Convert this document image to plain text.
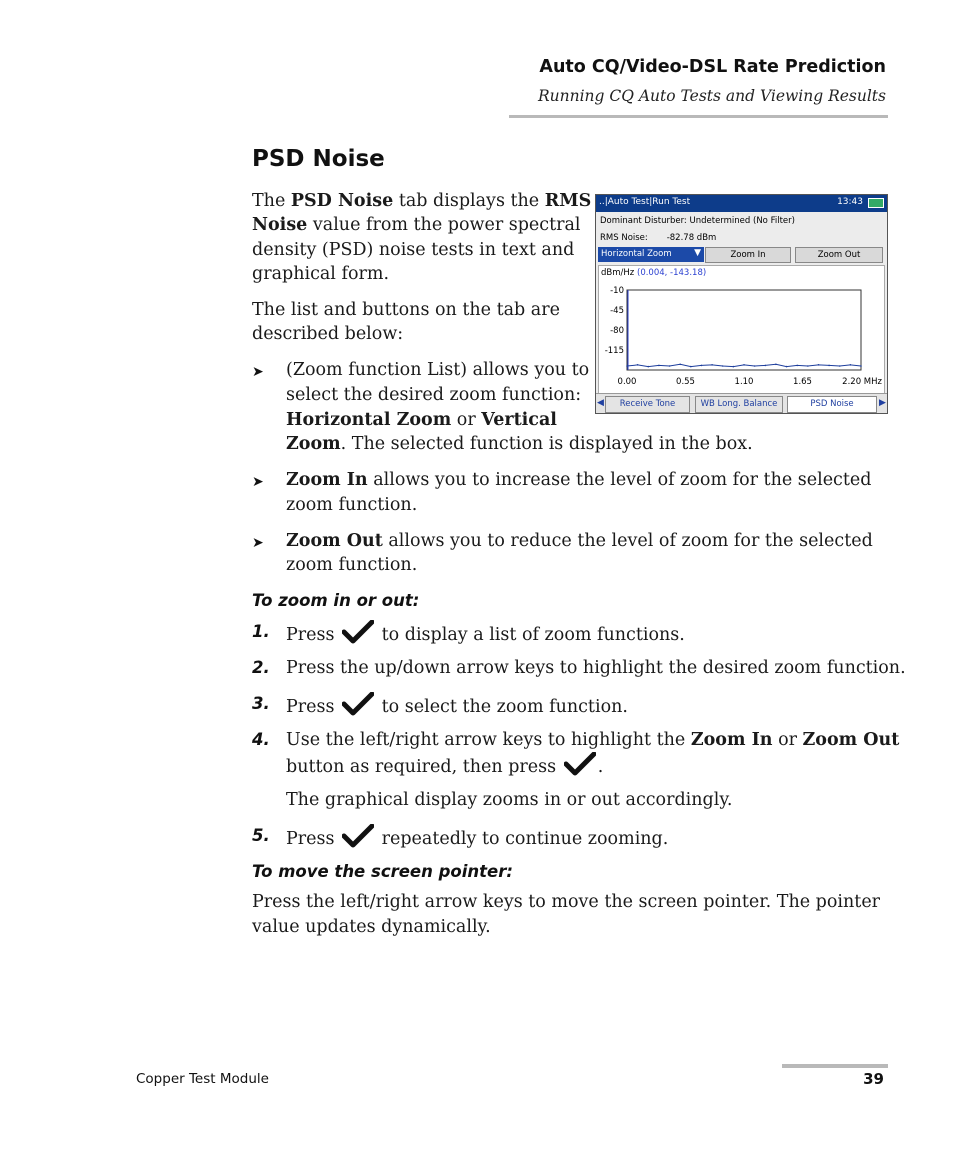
Auto CQ/Video-DSL Rate Prediction
Running CQ Auto Tests and Viewing Results
PSD Noise
The PSD Noise tab displays the RMS
Noise value from the power spectral
density (PSD) noise tests in text and
graphical form.
The list and buttons on the tab are
described below:
➤ (Zoom function List) allows you to
select the desired zoom function:
Horizontal Zoom or Vertical
Zoom. The selected function is displayed in the box.
➤ Zoom In allows you to increase the level of zoom for the selected
zoom function.
➤ Zoom Out allows you to reduce the level of zoom for the selected
zoom function.
To zoom in or out:
1. Press	to display a list of zoom functions.
2. Press the up/down arrow keys to highlight the desired zoom function.
3. Press	to select the zoom function.
4. Use the left/right arrow keys to highlight the Zoom In or Zoom Out
button as required, then press .
The graphical display zooms in or out accordingly.
5. Press	repeatedly to continue zooming.
To move the screen pointer:
Press the left/right arrow keys to move the screen pointer. The pointer
value updates dynamically.
..|Auto Test|Run Test	13:43
Dominant Disturber: Undetermined (No Filter)
RMS Noise: -82.78 dBm
Horizontal Zoom ▼	Zoom In	Zoom Out
dBm/Hz (0.004, -143.18)
-10
-45
-80
-115
0.00	0.55	1.10	1.65	2.20 MHz
◀	Receive Tone	WB Long. Balance	PSD Noise	▶
Copper Test Module	39
